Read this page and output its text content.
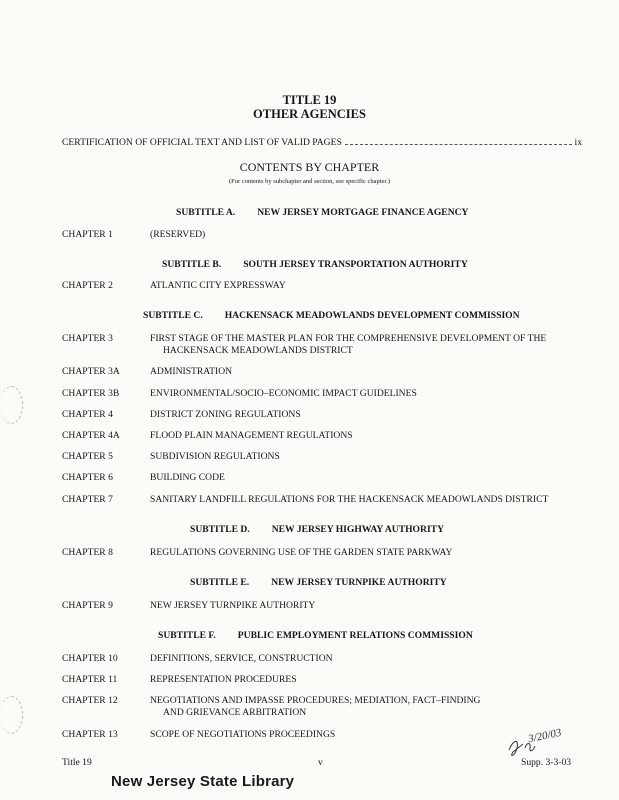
TITLE 19
OTHER AGENCIES
CERTIFICATION OF OFFICIAL TEXT AND LIST OF VALID PAGES	ix
CONTENTS BY CHAPTER
(For contents by subchapter and section, see specific chapter.)
SUBTITLE A. NEW JERSEY MORTGAGE FINANCE AGENCY
CHAPTER 1	(RESERVED)
SUBTITLE B. SOUTH JERSEY TRANSPORTATION AUTHORITY
CHAPTER 2	ATLANTIC CITY EXPRESSWAY
SUBTITLE C. HACKENSACK MEADOWLANDS DEVELOPMENT COMMISSION
CHAPTER 3	FIRST STAGE OF THE MASTER PLAN FOR THE COMPREHENSIVE DEVELOPMENT OF THE
HACKENSACK MEADOWLANDS DISTRICT
CHAPTER 3A	ADMINISTRATION
CHAPTER 3B	ENVIRONMENTAL/SOCIO–ECONOMIC IMPACT GUIDELINES
CHAPTER 4	DISTRICT ZONING REGULATIONS
CHAPTER 4A	FLOOD PLAIN MANAGEMENT REGULATIONS
CHAPTER 5	SUBDIVISION REGULATIONS
CHAPTER 6	BUILDING CODE
CHAPTER 7	SANITARY LANDFILL REGULATIONS FOR THE HACKENSACK MEADOWLANDS DISTRICT
SUBTITLE D. NEW JERSEY HIGHWAY AUTHORITY
CHAPTER 8	REGULATIONS GOVERNING USE OF THE GARDEN STATE PARKWAY
SUBTITLE E. NEW JERSEY TURNPIKE AUTHORITY
CHAPTER 9	NEW JERSEY TURNPIKE AUTHORITY
SUBTITLE F. PUBLIC EMPLOYMENT RELATIONS COMMISSION
CHAPTER 10	DEFINITIONS, SERVICE, CONSTRUCTION
CHAPTER 11	REPRESENTATION PROCEDURES
CHAPTER 12	NEGOTIATIONS AND IMPASSE PROCEDURES; MEDIATION, FACT–FINDING
AND GRIEVANCE ARBITRATION
CHAPTER 13	SCOPE OF NEGOTIATIONS PROCEEDINGS	3/20/03
Title 19	v	Supp. 3-3-03
New Jersey State Library
